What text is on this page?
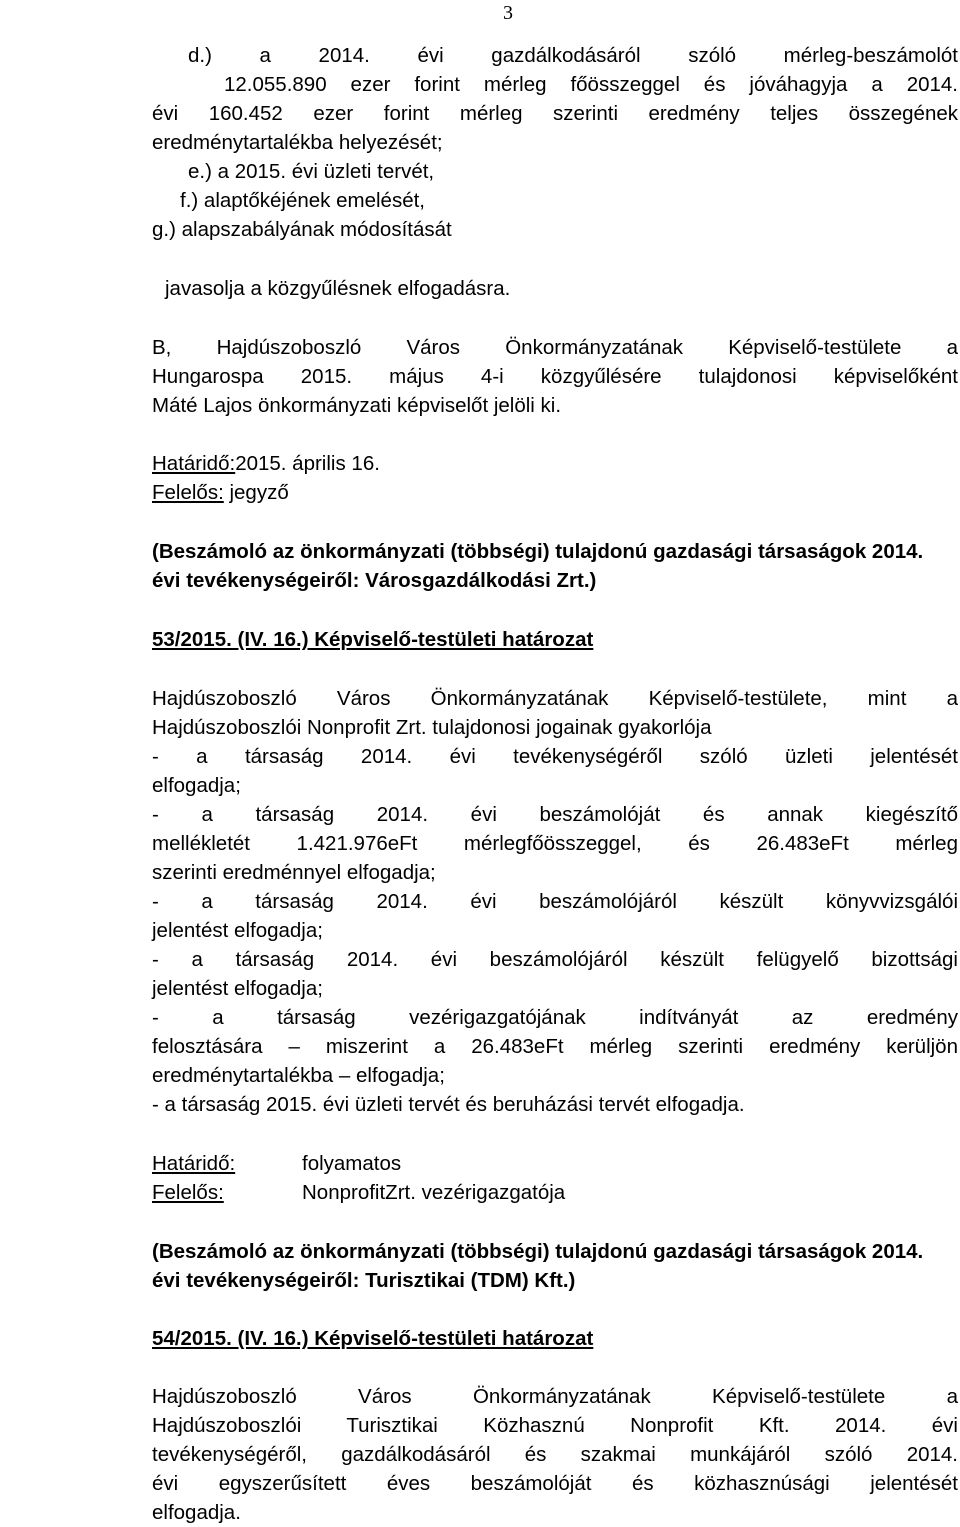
3
d.) a 2014. évi gazdálkodásáról szóló mérleg-beszámolót
12.055.890 ezer forint mérleg főösszeggel és jóváhagyja a 2014.
évi 160.452 ezer forint mérleg szerinti eredmény teljes összegének
eredménytartalékba helyezését;
e.) a 2015. évi üzleti tervét,
f.) alaptőkéjének emelését,
g.) alapszabályának módosítását
javasolja a közgyűlésnek elfogadásra.
B, Hajdúszoboszló Város Önkormányzatának Képviselő-testülete a
Hungarospa 2015. május 4-i közgyűlésére tulajdonosi képviselőként
Máté Lajos önkormányzati képviselőt jelöli ki.
Határidő:2015. április 16.
Felelős: jegyző
(Beszámoló az önkormányzati (többségi) tulajdonú gazdasági társaságok 2014.
évi tevékenységeiről: Városgazdálkodási Zrt.)
53/2015. (IV. 16.) Képviselő-testületi határozat
Hajdúszoboszló Város Önkormányzatának Képviselő-testülete, mint a
Hajdúszoboszlói Nonprofit Zrt. tulajdonosi jogainak gyakorlója
- a társaság 2014. évi tevékenységéről szóló üzleti jelentését
elfogadja;
- a társaság 2014. évi beszámolóját és annak kiegészítő
mellékletét 1.421.976eFt mérlegfőösszeggel, és 26.483eFt mérleg
szerinti eredménnyel elfogadja;
- a társaság 2014. évi beszámolójáról készült könyvvizsgálói
jelentést elfogadja;
- a társaság 2014. évi beszámolójáról készült felügyelő bizottsági
jelentést elfogadja;
- a társaság vezérigazgatójának indítványát az eredmény
felosztására – miszerint a 26.483eFt mérleg szerinti eredmény kerüljön
eredménytartalékba – elfogadja;
- a társaság 2015. évi üzleti tervét és beruházási tervét elfogadja.
Határidő:	folyamatos
Felelős:	NonprofitZrt. vezérigazgatója
(Beszámoló az önkormányzati (többségi) tulajdonú gazdasági társaságok 2014.
évi tevékenységeiről: Turisztikai (TDM) Kft.)
54/2015. (IV. 16.) Képviselő-testületi határozat
Hajdúszoboszló Város Önkormányzatának Képviselő-testülete a
Hajdúszoboszlói Turisztikai Közhasznú Nonprofit Kft. 2014. évi
tevékenységéről, gazdálkodásáról és szakmai munkájáról szóló 2014.
évi egyszerűsített éves beszámolóját és közhasznúsági jelentését
elfogadja.
